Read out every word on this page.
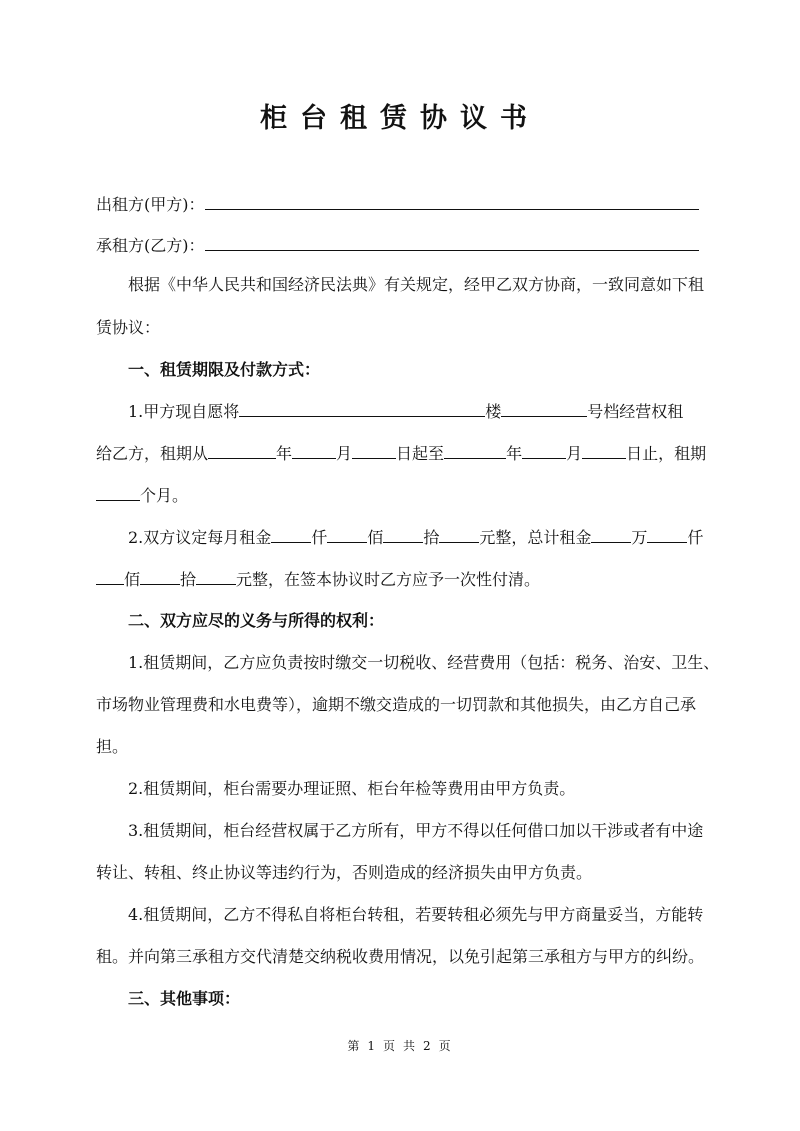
柜台租赁协议书
出租方(甲方)：
承租方(乙方)：
根据《中华人民共和国经济民法典》有关规定，经甲乙双方协商，一致同意如下租
赁协议：
一、租赁期限及付款方式：
1.甲方现自愿将	楼	号档经营权租
给乙方，租期从	年	月	日起至	年	月	日止，租期
个月。
2.双方议定每月租金	仟	佰	拾	元整，总计租金	万	仟
佰	拾	元整，在签本协议时乙方应予一次性付清。
二、双方应尽的义务与所得的权利：
1.租赁期间，乙方应负责按时缴交一切税收、经营费用（包括：税务、治安、卫生、
市场物业管理费和水电费等），逾期不缴交造成的一切罚款和其他损失，由乙方自己承
担。
2.租赁期间，柜台需要办理证照、柜台年检等费用由甲方负责。
3.租赁期间，柜台经营权属于乙方所有，甲方不得以任何借口加以干涉或者有中途
转让、转租、终止协议等违约行为，否则造成的经济损失由甲方负责。
4.租赁期间，乙方不得私自将柜台转租，若要转租必须先与甲方商量妥当，方能转
租。并向第三承租方交代清楚交纳税收费用情况，以免引起第三承租方与甲方的纠纷。
三、其他事项：
第 1 页 共 2 页
